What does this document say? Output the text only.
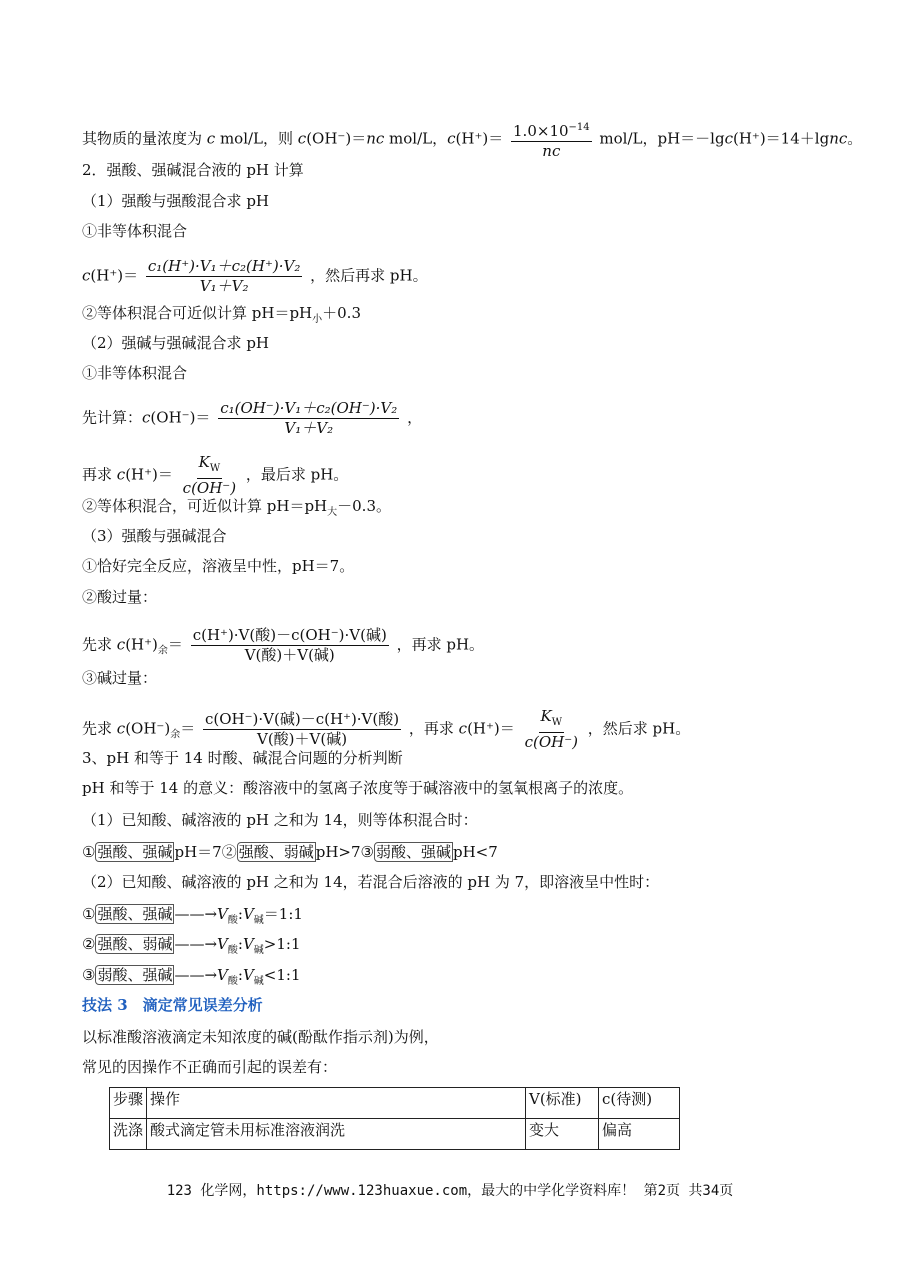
其物质的量浓度为 c mol/L，则 c(OH⁻)＝nc mol/L，$c(H^+)= \frac{1.0\times 10^{-14}}{nc} mol/L$，pH＝－lgc(H⁺)＝14＋lgnc。
2．强酸、强碱混合液的 pH 计算
（1）强酸与强酸混合求 pH
①非等体积混合
$c(H^+)= \frac{\text{c₁(H⁺)·V₁＋c₂(H⁺)·V₂}}{\text{V₁＋V₂}}$ ，然后再求 pH。
②等体积混合可近似计算 $pH=pH_小+0.3$
（2）强碱与强碱混合求 pH
①非等体积混合
先计算：$c(OH^-)= \frac{\text{c₁(OH⁻)·V₁＋c₂(OH⁻)·V₂}}{\text{V₁＋V₂}}$ ，
再求 $c(H^+)= \frac{K_W}{c(OH^-)}$ ，最后求 pH。
②等体积混合，可近似计算 $pH=pH_大-0.3$。
（3）强酸与强碱混合
①恰好完全反应，溶液呈中性，pH＝7。
②酸过量：
先求 $c(H^+)_余= \frac{\text{c(H⁺)·V(酸)－c(OH⁻)·V(碱)}}{\text{V(酸)＋V(碱)}}$ ，再求 pH。
③碱过量：
先求 $c(OH^-)_余= \frac{\text{c(OH⁻)·V(碱)－c(H⁺)·V(酸)}}{\text{V(酸)＋V(碱)}}$ ，再求 $c(H^+)= \frac{K_W}{c(OH^-)}$ ，然后求 pH。
3、pH 和等于 14 时酸、碱混合问题的分析判断
pH 和等于 14 的意义：酸溶液中的氢离子浓度等于碱溶液中的氢氧根离子的浓度。
（1）已知酸、碱溶液的 pH 之和为 14，则等体积混合时：
① 强酸、强碱 pH＝7② 强酸、弱碱 pH>7③ 弱酸、强碱 pH<7
（2）已知酸、碱溶液的 pH 之和为 14，若混合后溶液的 pH 为 7，即溶液呈中性时：
① 强酸、强碱 $——\to V_酸:V_碱=1:1$
② 强酸、弱碱 $——\to V_酸:V_碱>1:1$
③ 弱酸、强碱 $——\to V_酸:V_碱<1:1$
技法 3　滴定常见误差分析
以标准酸溶液滴定未知浓度的碱(酚酞作指示剂)为例，
常见的因操作不正确而引起的误差有：
步骤	操作	V(标准)	c(待测)
洗涤	酸式滴定管未用标准溶液润洗	变大	偏高
123 化学网，https://www.123huaxue.com，最大的中学化学资料库！ 第2页 共34页
